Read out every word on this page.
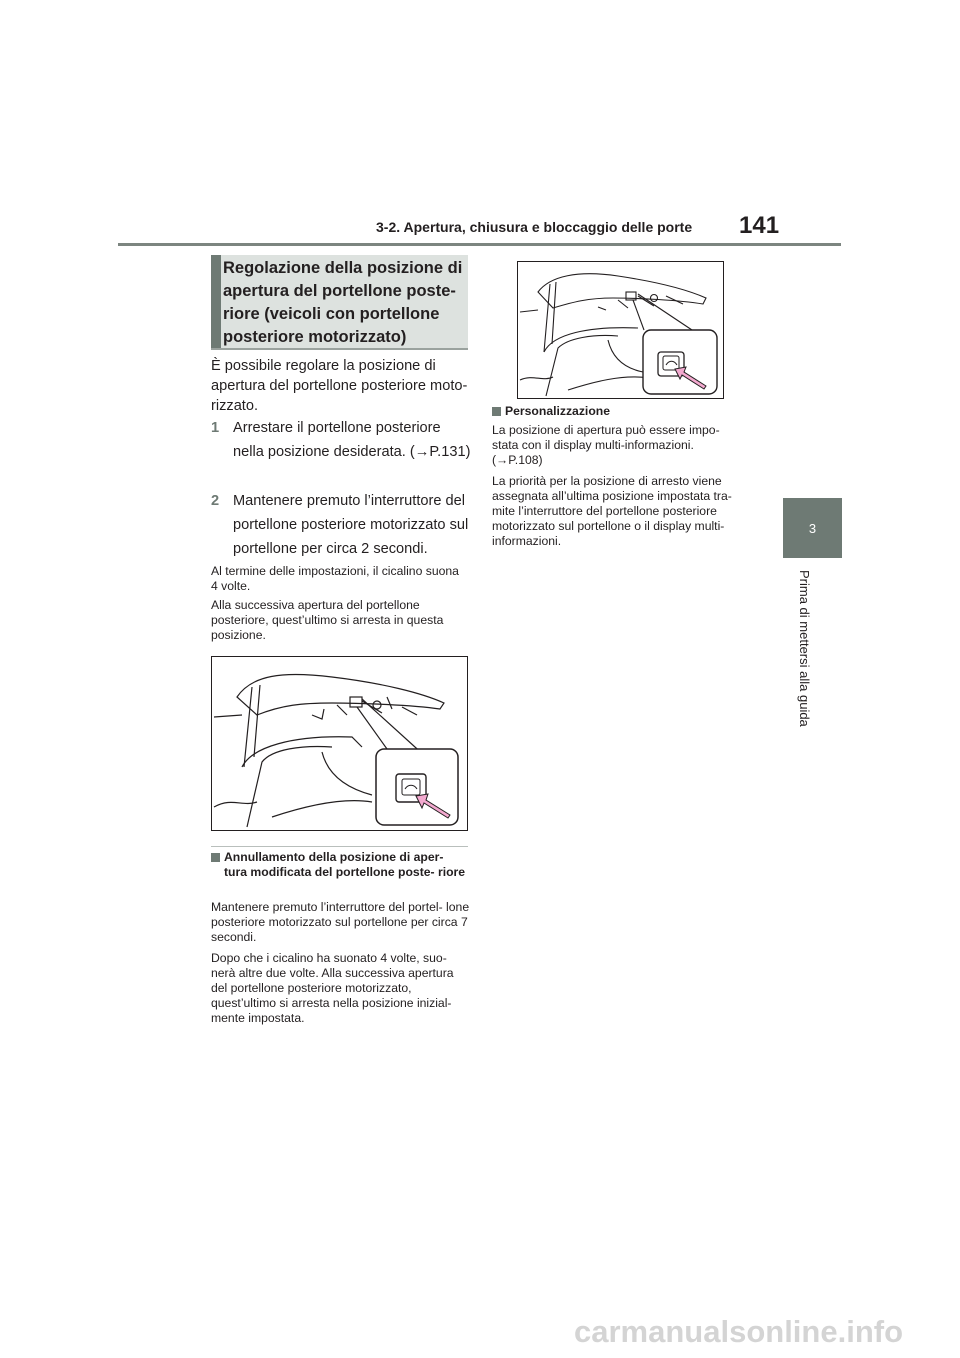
3-2. Apertura, chiusura e bloccaggio delle porte 141
3
Prima di mettersi alla guida
Regolazione della posizione di apertura del portellone poste- riore (veicoli con portellone posteriore motorizzato)
È possibile regolare la posizione di apertura del portellone posteriore moto- rizzato.
1 Arrestare il portellone posteriore nella posizione desiderata. (→P.131)
2 Mantenere premuto l’interruttore del portellone posteriore motorizzato sul portellone per circa 2 secondi.
Al termine delle impostazioni, il cicalino suona 4 volte.
Alla successiva apertura del portellone posteriore, quest’ultimo si arresta in questa posizione.
Annullamento della posizione di aper- tura modificata del portellone poste- riore
Mantenere premuto l’interruttore del portel- lone posteriore motorizzato sul portellone per circa 7 secondi.
Dopo che i cicalino ha suonato 4 volte, suo- nerà altre due volte. Alla successiva apertura del portellone posteriore motorizzato, quest’ultimo si arresta nella posizione inizial- mente impostata.
Personalizzazione
La posizione di apertura può essere impo- stata con il display multi-informazioni. (→P.108)
La priorità per la posizione di arresto viene assegnata all’ultima posizione impostata tra- mite l’interruttore del portellone posteriore motorizzato sul portellone o il display multi- informazioni.
carmanualsonline.info
